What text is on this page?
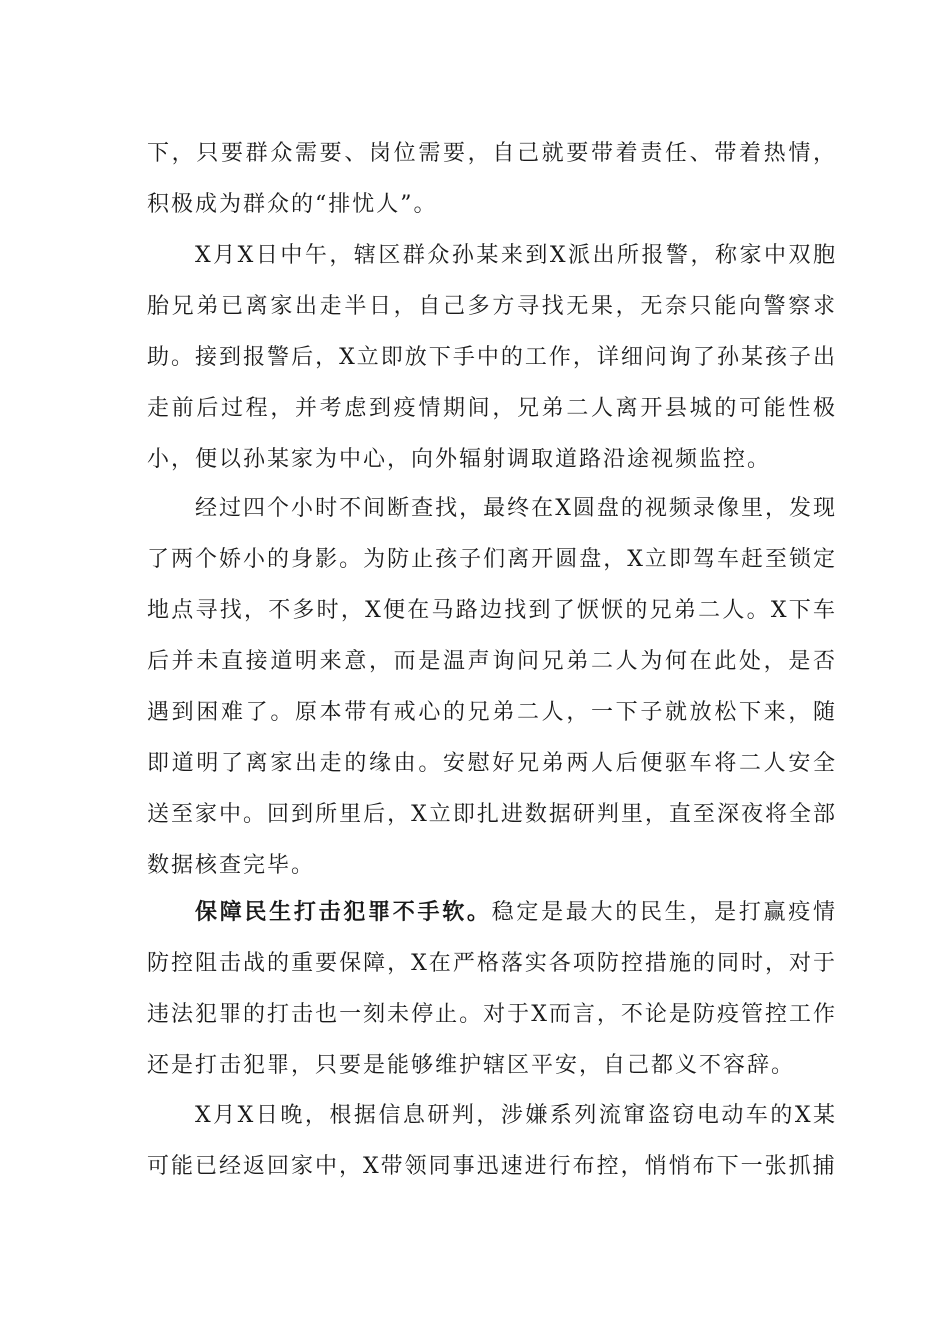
下，只要群众需要、岗位需要，自己就要带着责任、带着热情，积极成为群众的“排忧人”。

X月X日中午，辖区群众孙某来到X派出所报警，称家中双胞胎兄弟已离家出走半日，自己多方寻找无果，无奈只能向警察求助。接到报警后，X立即放下手中的工作，详细问询了孙某孩子出走前后过程，并考虑到疫情期间，兄弟二人离开县城的可能性极小，便以孙某家为中心，向外辐射调取道路沿途视频监控。

经过四个小时不间断查找，最终在X圆盘的视频录像里，发现了两个娇小的身影。为防止孩子们离开圆盘，X立即驾车赶至锁定地点寻找，不多时，X便在马路边找到了恹恹的兄弟二人。X下车后并未直接道明来意，而是温声询问兄弟二人为何在此处，是否遇到困难了。原本带有戒心的兄弟二人，一下子就放松下来，随即道明了离家出走的缘由。安慰好兄弟两人后便驱车将二人安全送至家中。回到所里后，X立即扎进数据研判里，直至深夜将全部数据核查完毕。

保障民生打击犯罪不手软。稳定是最大的民生，是打赢疫情防控阻击战的重要保障，X在严格落实各项防控措施的同时，对于违法犯罪的打击也一刻未停止。对于X而言，不论是防疫管控工作还是打击犯罪，只要是能够维护辖区平安，自己都义不容辞。

X月X日晚，根据信息研判，涉嫌系列流窜盗窃电动车的X某可能已经返回家中，X带领同事迅速进行布控，悄悄布下一张抓捕
